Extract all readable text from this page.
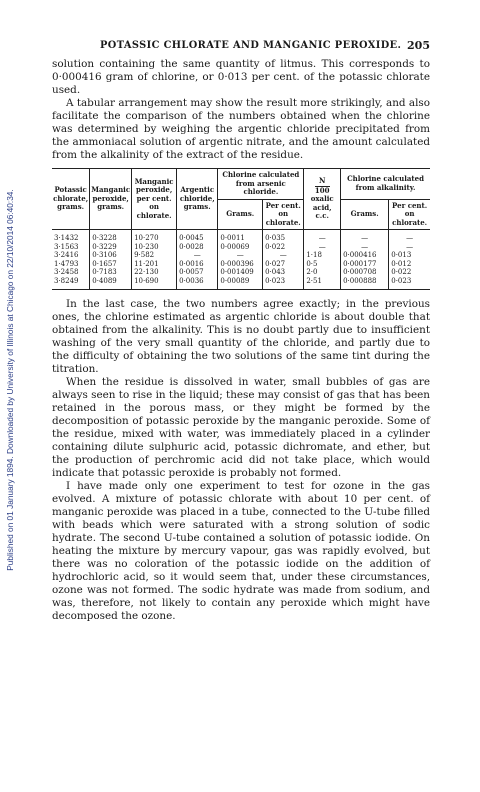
Published on 01 January 1894. Downloaded by University of Illinois at Chicago on 22/10/2014 06:40:34.
POTASSIC CHLORATE AND MANGANIC PEROXIDE. 205

solution containing the same quantity of litmus. This corresponds to 0·000416 gram of chlorine, or 0·013 per cent. of the potassic chlorate used.

A tabular arrangement may show the result more strikingly, and also facilitate the comparison of the numbers obtained when the chlorine was determined by weighing the argentic chloride precipitated from the ammoniacal solution of argentic nitrate, and the amount calculated from the alkalinity of the extract of the residue.

Potassic chlorate, grams.	Manganic peroxide, grams.	Manganic peroxide, per cent. on chlorate.	Argentic chloride, grams.	Chlorine calculated from arsenic chloride.		$\frac{N}{100}$
oxalic acid, c.c.	Chlorine calculated from alkalinity.	
				Grams.	Per cent. on chlorate.		Grams.	Per cent. on chlorate.
3·1432	0·3228	10·270	0·0045	0·0011	0·035	—	—	—
3·1563	0·3229	10·230	0·0028	0·00069	0·022	—	—	—
3·2416	0·3106	9·582	—	—	—	1·18	0·000416	0·013
1·4793	0·1657	11·201	0·0016	0·000396	0·027	0·5	0·000177	0·012
3·2458	0·7183	22·130	0·0057	0·001409	0·043	2·0	0·000708	0·022
3·8249	0·4089	10·690	0·0036	0·00089	0·023	2·51	0·000888	0·023

In the last case, the two numbers agree exactly; in the previous ones, the chlorine estimated as argentic chloride is about double that obtained from the alkalinity. This is no doubt partly due to insufficient washing of the very small quantity of the chloride, and partly due to the difficulty of obtaining the two solutions of the same tint during the titration.

When the residue is dissolved in water, small bubbles of gas are always seen to rise in the liquid; these may consist of gas that has been retained in the porous mass, or they might be formed by the decomposition of potassic peroxide by the manganic peroxide. Some of the residue, mixed with water, was immediately placed in a cylinder containing dilute sulphuric acid, potassic dichromate, and ether, but the production of perchromic acid did not take place, which would indicate that potassic peroxide is probably not formed.

I have made only one experiment to test for ozone in the gas evolved. A mixture of potassic chlorate with about 10 per cent. of manganic peroxide was placed in a tube, connected to the U-tube filled with beads which were saturated with a strong solution of sodic hydrate. The second U-tube contained a solution of potassic iodide. On heating the mixture by mercury vapour, gas was rapidly evolved, but there was no coloration of the potassic iodide on the addition of hydrochloric acid, so it would seem that, under these circumstances, ozone was not formed. The sodic hydrate was made from sodium, and was, therefore, not likely to contain any peroxide which might have decomposed the ozone.
